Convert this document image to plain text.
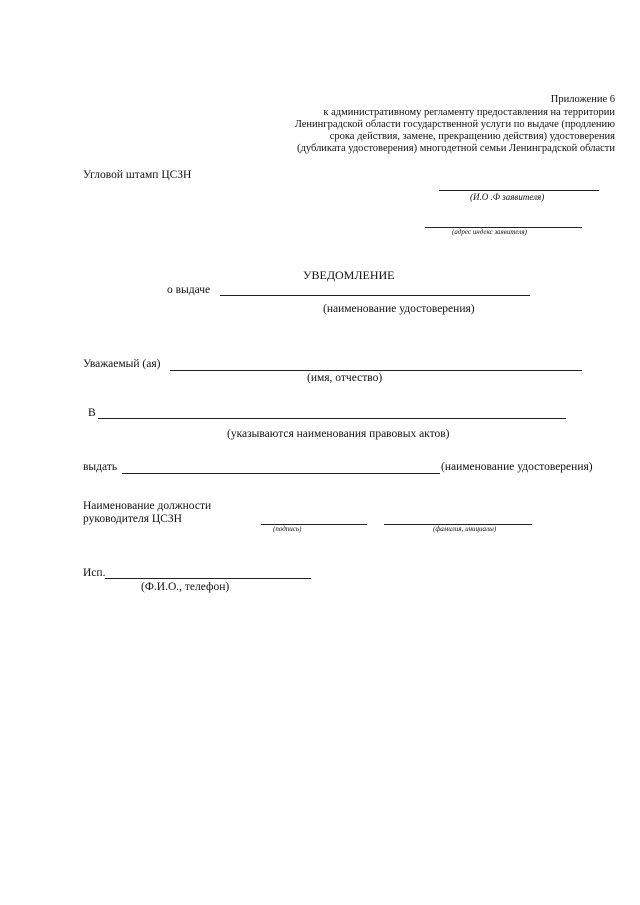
Приложение 6
к административному регламенту предоставления на территории
Ленинградской области государственной услуги по выдаче (продлению
срока действия, замене, прекращению действия) удостоверения
(дубликата удостоверения) многодетной семьи Ленинградской области
Угловой штамп ЦСЗН
(И.О .Ф заявителя)
(адрес индекс заявителя)
УВЕДОМЛЕНИЕ
о выдаче
(наименование удостоверения)
Уважаемый (ая)
(имя, отчество)
В
(указываются наименования правовых актов)
выдать	(наименование удостоверения)
Наименование должности
руководителя ЦСЗН
(подпись)	(фамилия, инициалы)
Исп.
(Ф.И.О., телефон)
